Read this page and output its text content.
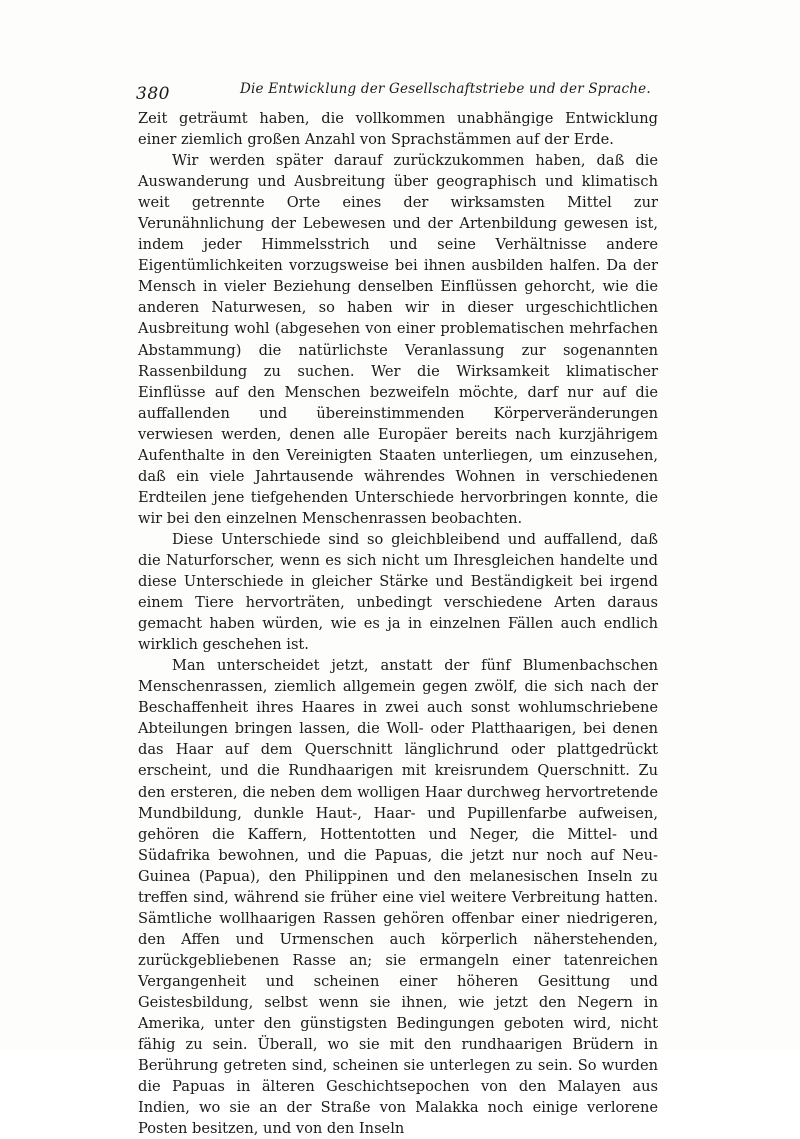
380	Die Entwicklung der Gesellschaftstriebe und der Sprache.

Zeit geträumt haben, die vollkommen unabhängige Entwicklung einer ziemlich großen Anzahl von Sprachstämmen auf der Erde.

Wir werden später darauf zurückzukommen haben, daß die Auswanderung und Ausbreitung über geographisch und klimatisch weit getrennte Orte eines der wirksamsten Mittel zur Verunähnlichung der Lebewesen und der Artenbildung gewesen ist, indem jeder Himmelsstrich und seine Verhältnisse andere Eigentümlichkeiten vorzugsweise bei ihnen ausbilden halfen. Da der Mensch in vieler Beziehung denselben Einflüssen gehorcht, wie die anderen Naturwesen, so haben wir in dieser urgeschichtlichen Ausbreitung wohl (abgesehen von einer problematischen mehrfachen Abstammung) die natürlichste Veranlassung zur sogenannten Rassenbildung zu suchen. Wer die Wirksamkeit klimatischer Einflüsse auf den Menschen bezweifeln möchte, darf nur auf die auffallenden und übereinstimmenden Körperveränderungen verwiesen werden, denen alle Europäer bereits nach kurzjährigem Aufenthalte in den Vereinigten Staaten unterliegen, um einzusehen, daß ein viele Jahrtausende währendes Wohnen in verschiedenen Erdteilen jene tiefgehenden Unterschiede hervorbringen konnte, die wir bei den einzelnen Menschenrassen beobachten.

Diese Unterschiede sind so gleichbleibend und auffallend, daß die Naturforscher, wenn es sich nicht um Ihresgleichen handelte und diese Unterschiede in gleicher Stärke und Beständigkeit bei irgend einem Tiere hervorträten, unbedingt verschiedene Arten daraus gemacht haben würden, wie es ja in einzelnen Fällen auch endlich wirklich geschehen ist.

Man unterscheidet jetzt, anstatt der fünf Blumenbachschen Menschenrassen, ziemlich allgemein gegen zwölf, die sich nach der Beschaffenheit ihres Haares in zwei auch sonst wohlumschriebene Abteilungen bringen lassen, die Woll- oder Platthaarigen, bei denen das Haar auf dem Querschnitt länglichrund oder plattgedrückt erscheint, und die Rundhaarigen mit kreisrundem Querschnitt. Zu den ersteren, die neben dem wolligen Haar durchweg hervortretende Mundbildung, dunkle Haut-, Haar- und Pupillenfarbe aufweisen, gehören die Kaffern, Hottentotten und Neger, die Mittel- und Südafrika bewohnen, und die Papuas, die jetzt nur noch auf Neu-Guinea (Papua), den Philippinen und den melanesischen Inseln zu treffen sind, während sie früher eine viel weitere Verbreitung hatten. Sämtliche wollhaarigen Rassen gehören offenbar einer niedrigeren, den Affen und Urmenschen auch körperlich näherstehenden, zurückgebliebenen Rasse an; sie ermangeln einer tatenreichen Vergangenheit und scheinen einer höheren Gesittung und Geistesbildung, selbst wenn sie ihnen, wie jetzt den Negern in Amerika, unter den günstigsten Bedingungen geboten wird, nicht fähig zu sein. Überall, wo sie mit den rundhaarigen Brüdern in Berührung getreten sind, scheinen sie unterlegen zu sein. So wurden die Papuas in älteren Geschichtsepochen von den Malayen aus Indien, wo sie an der Straße von Malakka noch einige verlorene Posten besitzen, und von den Inseln
